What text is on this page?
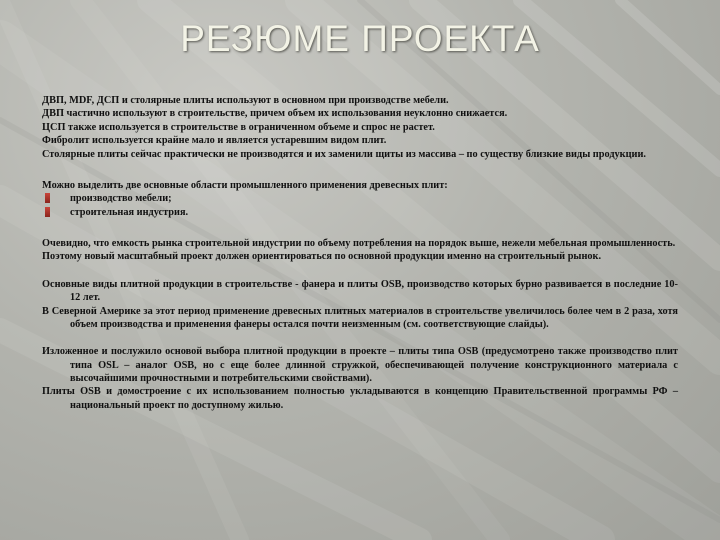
РЕЗЮМЕ ПРОЕКТА

ДВП, MDF, ДСП и столярные плиты используют в основном при производстве мебели.

ДВП частично используют в строительстве, причем объем их использования неуклонно снижается.

ЦСП также используется в строительстве в ограниченном объеме и спрос не растет.

Фибролит используется крайне мало и является устаревшим видом плит.

Столярные плиты сейчас практически не производятся и их заменили щиты из массива – по существу близкие виды продукции.

Можно выделить две основные области промышленного применения древесных плит:

производство мебели;
строительная индустрия.

Очевидно, что емкость рынка строительной индустрии по объему потребления на порядок выше, нежели мебельная промышленность.

Поэтому новый масштабный проект должен ориентироваться по основной продукции именно на строительный рынок.

Основные виды плитной продукции в строительстве - фанера и плиты OSB, производство которых бурно развивается в последние 10-12 лет.

В Северной Америке за этот период применение древесных плитных материалов в строительстве увеличилось более чем в 2 раза, хотя объем производства и применения фанеры остался почти неизменным (см. соответствующие слайды).

Изложенное и послужило основой выбора плитной продукции в проекте – плиты типа OSB (предусмотрено также производство плит типа OSL – аналог OSB, но с еще более длинной стружкой, обеспечивающей получение конструкционного материала с высочайшими прочностными и потребительскими свойствами).

Плиты OSB и домостроение с их использованием полностью укладываются в концепцию Правительственной программы РФ – национальный проект по доступному жилью.
